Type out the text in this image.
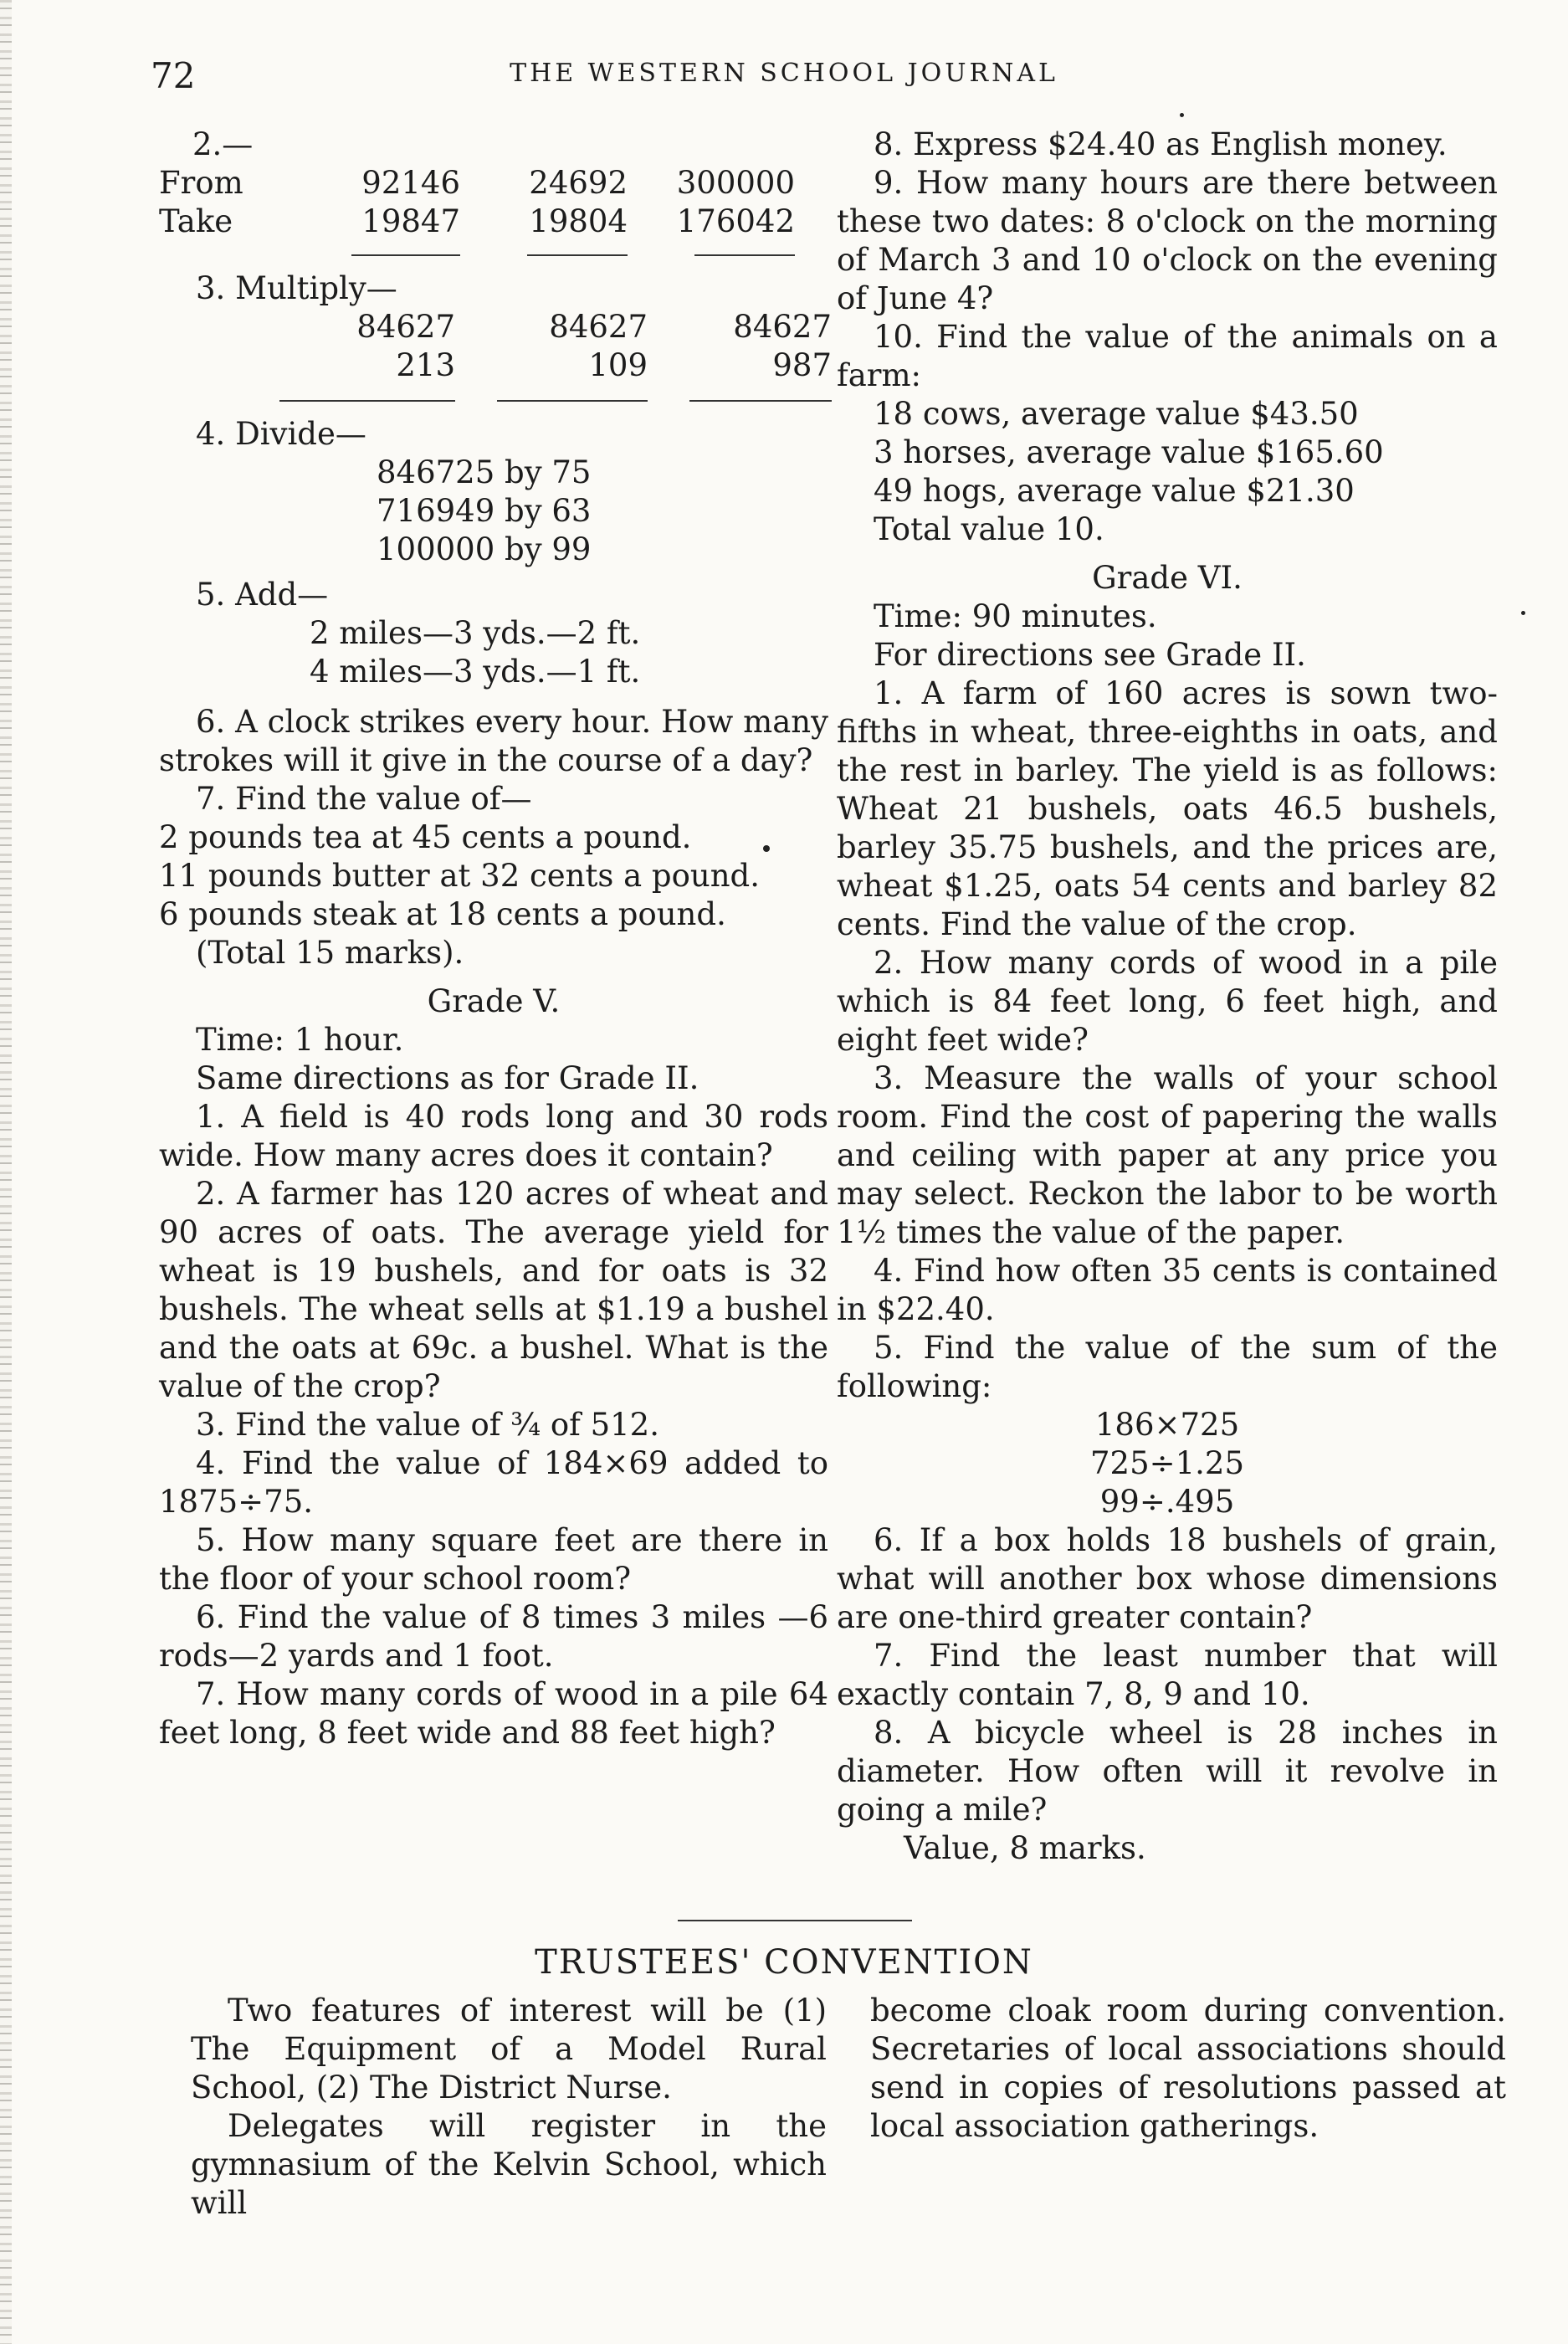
72	THE WESTERN SCHOOL JOURNAL

2.—

From	92146	24692	300000
Take	19847	19804	176042

3. Multiply—

84627	84627	84627
213	109	987

4. Divide—

846725 by 75

716949 by 63

100000 by 99

5. Add—

2 miles—3 yds.—2 ft.

4 miles—3 yds.—1 ft.

6. A clock strikes every hour. How many strokes will it give in the course of a day?

7. Find the value of—

2 pounds tea at 45 cents a pound.

11 pounds butter at 32 cents a pound.

6 pounds steak at 18 cents a pound.

(Total 15 marks).

Grade V.

Time: 1 hour.

Same directions as for Grade II.

1. A field is 40 rods long and 30 rods wide. How many acres does it contain?

2. A farmer has 120 acres of wheat and 90 acres of oats. The average yield for wheat is 19 bushels, and for oats is 32 bushels. The wheat sells at $1.19 a bushel and the oats at 69c. a bushel. What is the value of the crop?

3. Find the value of ¾ of 512.

4. Find the value of 184×69 added to 1875÷75.

5. How many square feet are there in the floor of your school room?

6. Find the value of 8 times 3 miles —6 rods—2 yards and 1 foot.

7. How many cords of wood in a pile 64 feet long, 8 feet wide and 88 feet high?

8. Express $24.40 as English money.

9. How many hours are there between these two dates: 8 o'clock on the morning of March 3 and 10 o'clock on the evening of June 4?

10. Find the value of the animals on a farm:

18 cows, average value $43.50

3 horses, average value $165.60

49 hogs, average value $21.30

Total value 10.

Grade VI.

Time: 90 minutes.

For directions see Grade II.

1. A farm of 160 acres is sown two-fifths in wheat, three-eighths in oats, and the rest in barley. The yield is as follows: Wheat 21 bushels, oats 46.5 bushels, barley 35.75 bushels, and the prices are, wheat $1.25, oats 54 cents and barley 82 cents. Find the value of the crop.

2. How many cords of wood in a pile which is 84 feet long, 6 feet high, and eight feet wide?

3. Measure the walls of your school room. Find the cost of papering the walls and ceiling with paper at any price you may select. Reckon the labor to be worth 1½ times the value of the paper.

4. Find how often 35 cents is contained in $22.40.

5. Find the value of the sum of the following:

186×725

725÷1.25

99÷.495

6. If a box holds 18 bushels of grain, what will another box whose dimensions are one-third greater contain?

7. Find the least number that will exactly contain 7, 8, 9 and 10.

8. A bicycle wheel is 28 inches in diameter. How often will it revolve in going a mile?

Value, 8 marks.

TRUSTEES' CONVENTION

Two features of interest will be (1) The Equipment of a Model Rural School, (2) The District Nurse.

Delegates will register in the gymnasium of the Kelvin School, which will

become cloak room during convention. Secretaries of local associations should send in copies of resolutions passed at local association gatherings.
